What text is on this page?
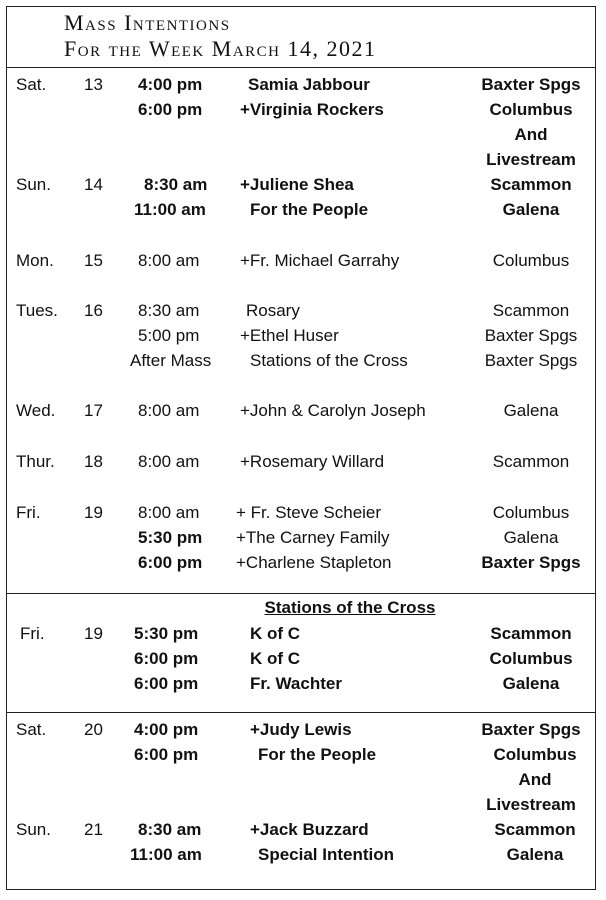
Mass Intentions
For the Week March 14, 2021
Sat. 13 4:00 pm	Samia Jabbour	Baxter Spgs
6:00 pm +Virginia Rockers	Columbus
And
Livestream
Sun. 14 8:30 am +Juliene Shea	Scammon
11:00 am	For the People	Galena
Mon. 15 8:00 am +Fr. Michael Garrahy	Columbus
Tues. 16 8:30 am	Rosary	Scammon
5:00 pm +Ethel Huser	Baxter Spgs
After Mass Stations of the Cross	Baxter Spgs
Wed. 17 8:00 am +John & Carolyn Joseph	Galena
Thur. 18 8:00 am +Rosemary Willard	Scammon
Fri.	19 8:00 am + Fr. Steve Scheier	Columbus
5:30 pm +The Carney Family	Galena
6:00 pm +Charlene Stapleton	Baxter Spgs
Stations of the Cross
Fri. 19 5:30 pm	K of C	Scammon
6:00 pm	K of C	Columbus
6:00 pm	Fr. Wachter	Galena
Sat. 20 4:00 pm	+Judy Lewis	Baxter Spgs
6:00 pm	For the People	Columbus
And
Livestream
Sun. 21 8:30 am	+Jack Buzzard	Scammon
11:00 am	Special Intention	Galena
